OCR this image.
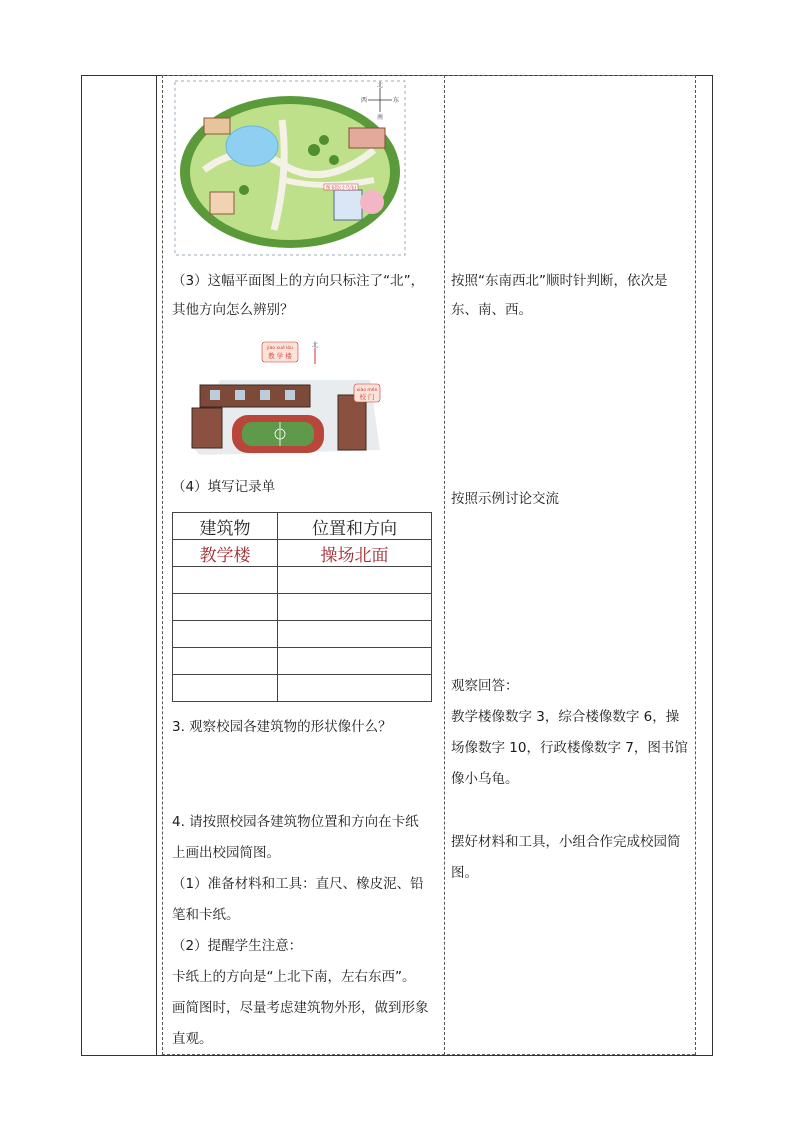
图书馆(小乌龟)
北
南
西	东
（3）这幅平面图上的方向只标注了“北”，
其他方向怎么辨别？
按照“东南西北”顺时针判断，依次是
东、南、西。
北
jiào xué lóu
教 学 楼
xiào mén
校 门
（4）填写记录单
按照示例讨论交流
建筑物	位置和方向
教学楼	操场北面

3. 观察校园各建筑物的形状像什么？
观察回答：
教学楼像数字 3，综合楼像数字 6，操
场像数字 10，行政楼像数字 7，图书馆
像小乌龟。
4. 请按照校园各建筑物位置和方向在卡纸
上画出校园简图。
（1）准备材料和工具：直尺、橡皮泥、铅
笔和卡纸。
（2）提醒学生注意：
卡纸上的方向是“上北下南，左右东西”。
画简图时，尽量考虑建筑物外形，做到形象
直观。
摆好材料和工具，小组合作完成校园简
图。
